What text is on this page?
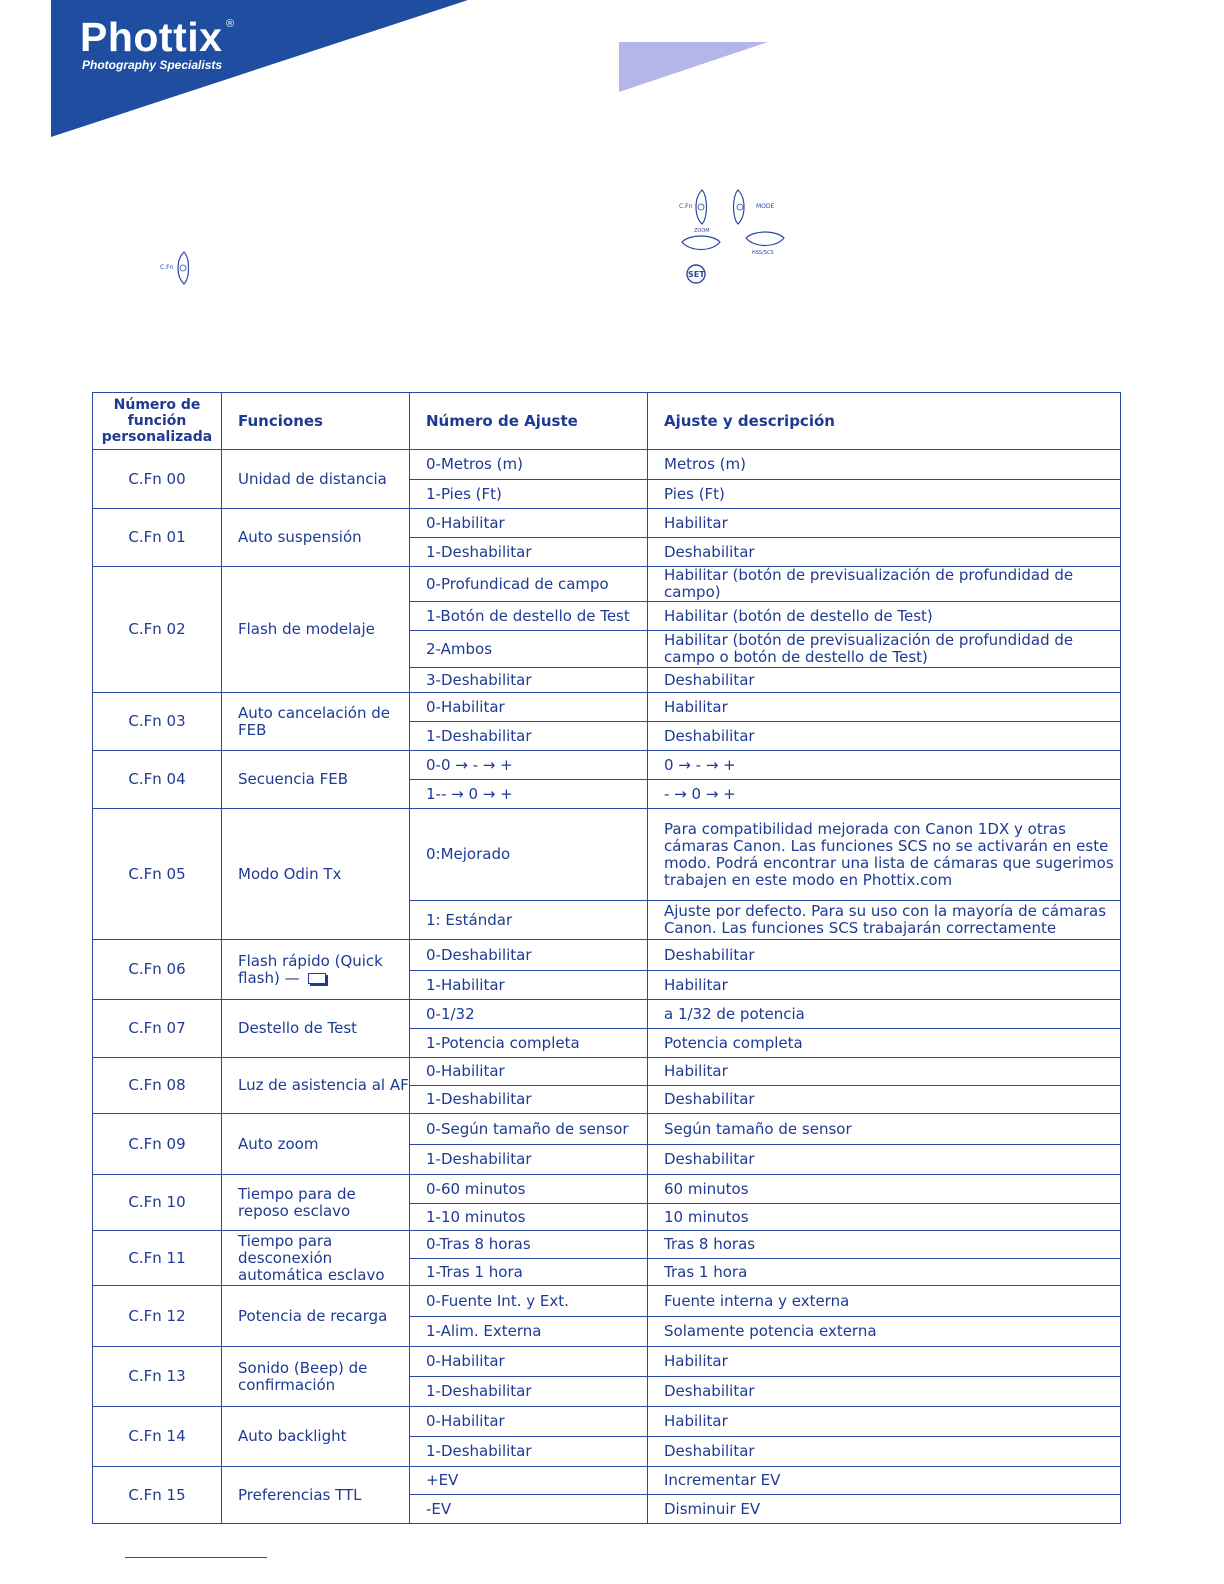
Phottix ®
Photography Specialists
C.Fn
C.Fn	MODE
ZOOM
HSS/SCS
SET
Número de función personalizada	Funciones	Número de Ajuste	Ajuste y descripción
C.Fn 00	Unidad de distancia	0-Metros (m)	Metros (m)
		1-Pies (Ft)	Pies (Ft)
C.Fn 01	Auto suspensión	0-Habilitar	Habilitar
		1-Deshabilitar	Deshabilitar
C.Fn 02	Flash de modelaje	0-Profundicad de campo	Habilitar (botón de previsualización de profundidad de campo)
		1-Botón de destello de Test	Habilitar (botón de destello de Test)
		2-Ambos	Habilitar (botón de previsualización de profundidad de campo o botón de destello de Test)
		3-Deshabilitar	Deshabilitar
C.Fn 03	Auto cancelación de FEB	0-Habilitar	Habilitar
		1-Deshabilitar	Deshabilitar
C.Fn 04	Secuencia FEB	0-0 → - → +	0 → - → +
		1-- → 0 → +	- → 0 → +
C.Fn 05	Modo Odin Tx	0:Mejorado	Para compatibilidad mejorada con Canon 1DX y otras cámaras Canon. Las funciones SCS no se activarán en este modo. Podrá encontrar una lista de cámaras que sugerimos trabajen en este modo en Phottix.com
		1: Estándar	Ajuste por defecto. Para su uso con la mayoría de cámaras Canon. Las funciones SCS trabajarán correctamente
C.Fn 06	Flash rápido (Quick flash) —	0-Deshabilitar	Deshabilitar
		1-Habilitar	Habilitar
C.Fn 07	Destello de Test	0-1/32	a 1/32 de potencia
		1-Potencia completa	Potencia completa
C.Fn 08	Luz de asistencia al AF	0-Habilitar	Habilitar
		1-Deshabilitar	Deshabilitar
C.Fn 09	Auto zoom	0-Según tamaño de sensor	Según tamaño de sensor
		1-Deshabilitar	Deshabilitar
C.Fn 10	Tiempo para de reposo esclavo	0-60 minutos	60 minutos
		1-10 minutos	10 minutos
C.Fn 11	Tiempo para desconexión automática esclavo	0-Tras 8 horas	Tras 8 horas
		1-Tras 1 hora	Tras 1 hora
C.Fn 12	Potencia de recarga	0-Fuente Int. y Ext.	Fuente interna y externa
		1-Alim. Externa	Solamente potencia externa
C.Fn 13	Sonido (Beep) de confirmación	0-Habilitar	Habilitar
		1-Deshabilitar	Deshabilitar
C.Fn 14	Auto backlight	0-Habilitar	Habilitar
		1-Deshabilitar	Deshabilitar
C.Fn 15	Preferencias TTL	+EV	Incrementar EV
		-EV	Disminuir EV
